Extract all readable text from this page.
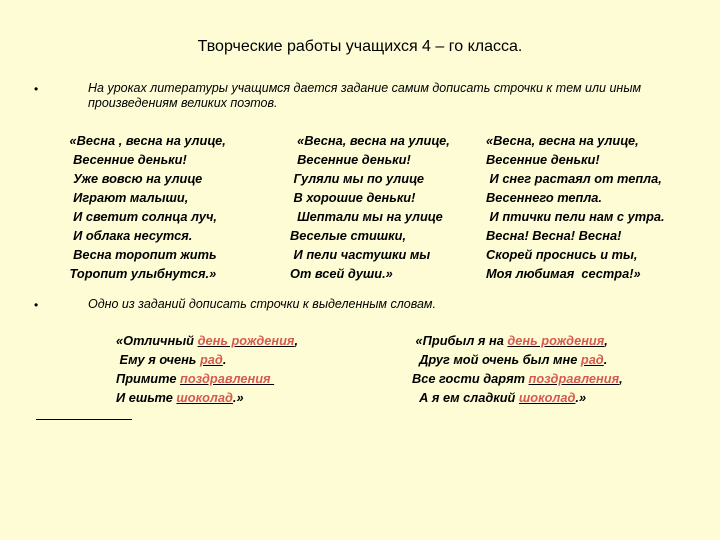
Творческие работы учащихся 4 – го класса.
•	На уроках литературы учащимся дается задание самим дописать строчки к тем или иным произведениям великих поэтов.
«Весна , весна на улице,
Весенние деньки!
Уже вовсю на улице
Играют малыши,
И светит солнца луч,
И облака несутся.
Весна торопит жить
Торопит улыбнутся.»
«Весна, весна на улице,
Весенние деньки!
Гуляли мы по улице
В хорошие деньки!
Шептали мы на улице
Веселые стишки,
И пели частушки мы
От всей души.»
«Весна, весна на улице,
Весенние деньки!
И снег растаял от тепла,
Весеннего тепла.
И птички пели нам с утра.
Весна! Весна! Весна!
Скорей проснись и ты,
Моя любимая  сестра!»
•	Одно из заданий дописать строчки к выделенным словам.
«Отличный день рождения,
Ему я очень рад.
Примите поздравления
И ешьте шоколад.»
«Прибыл я на день рождения,
Друг мой очень был мне рад.
Все гости дарят поздравления,
А я ем сладкий шоколад.»
